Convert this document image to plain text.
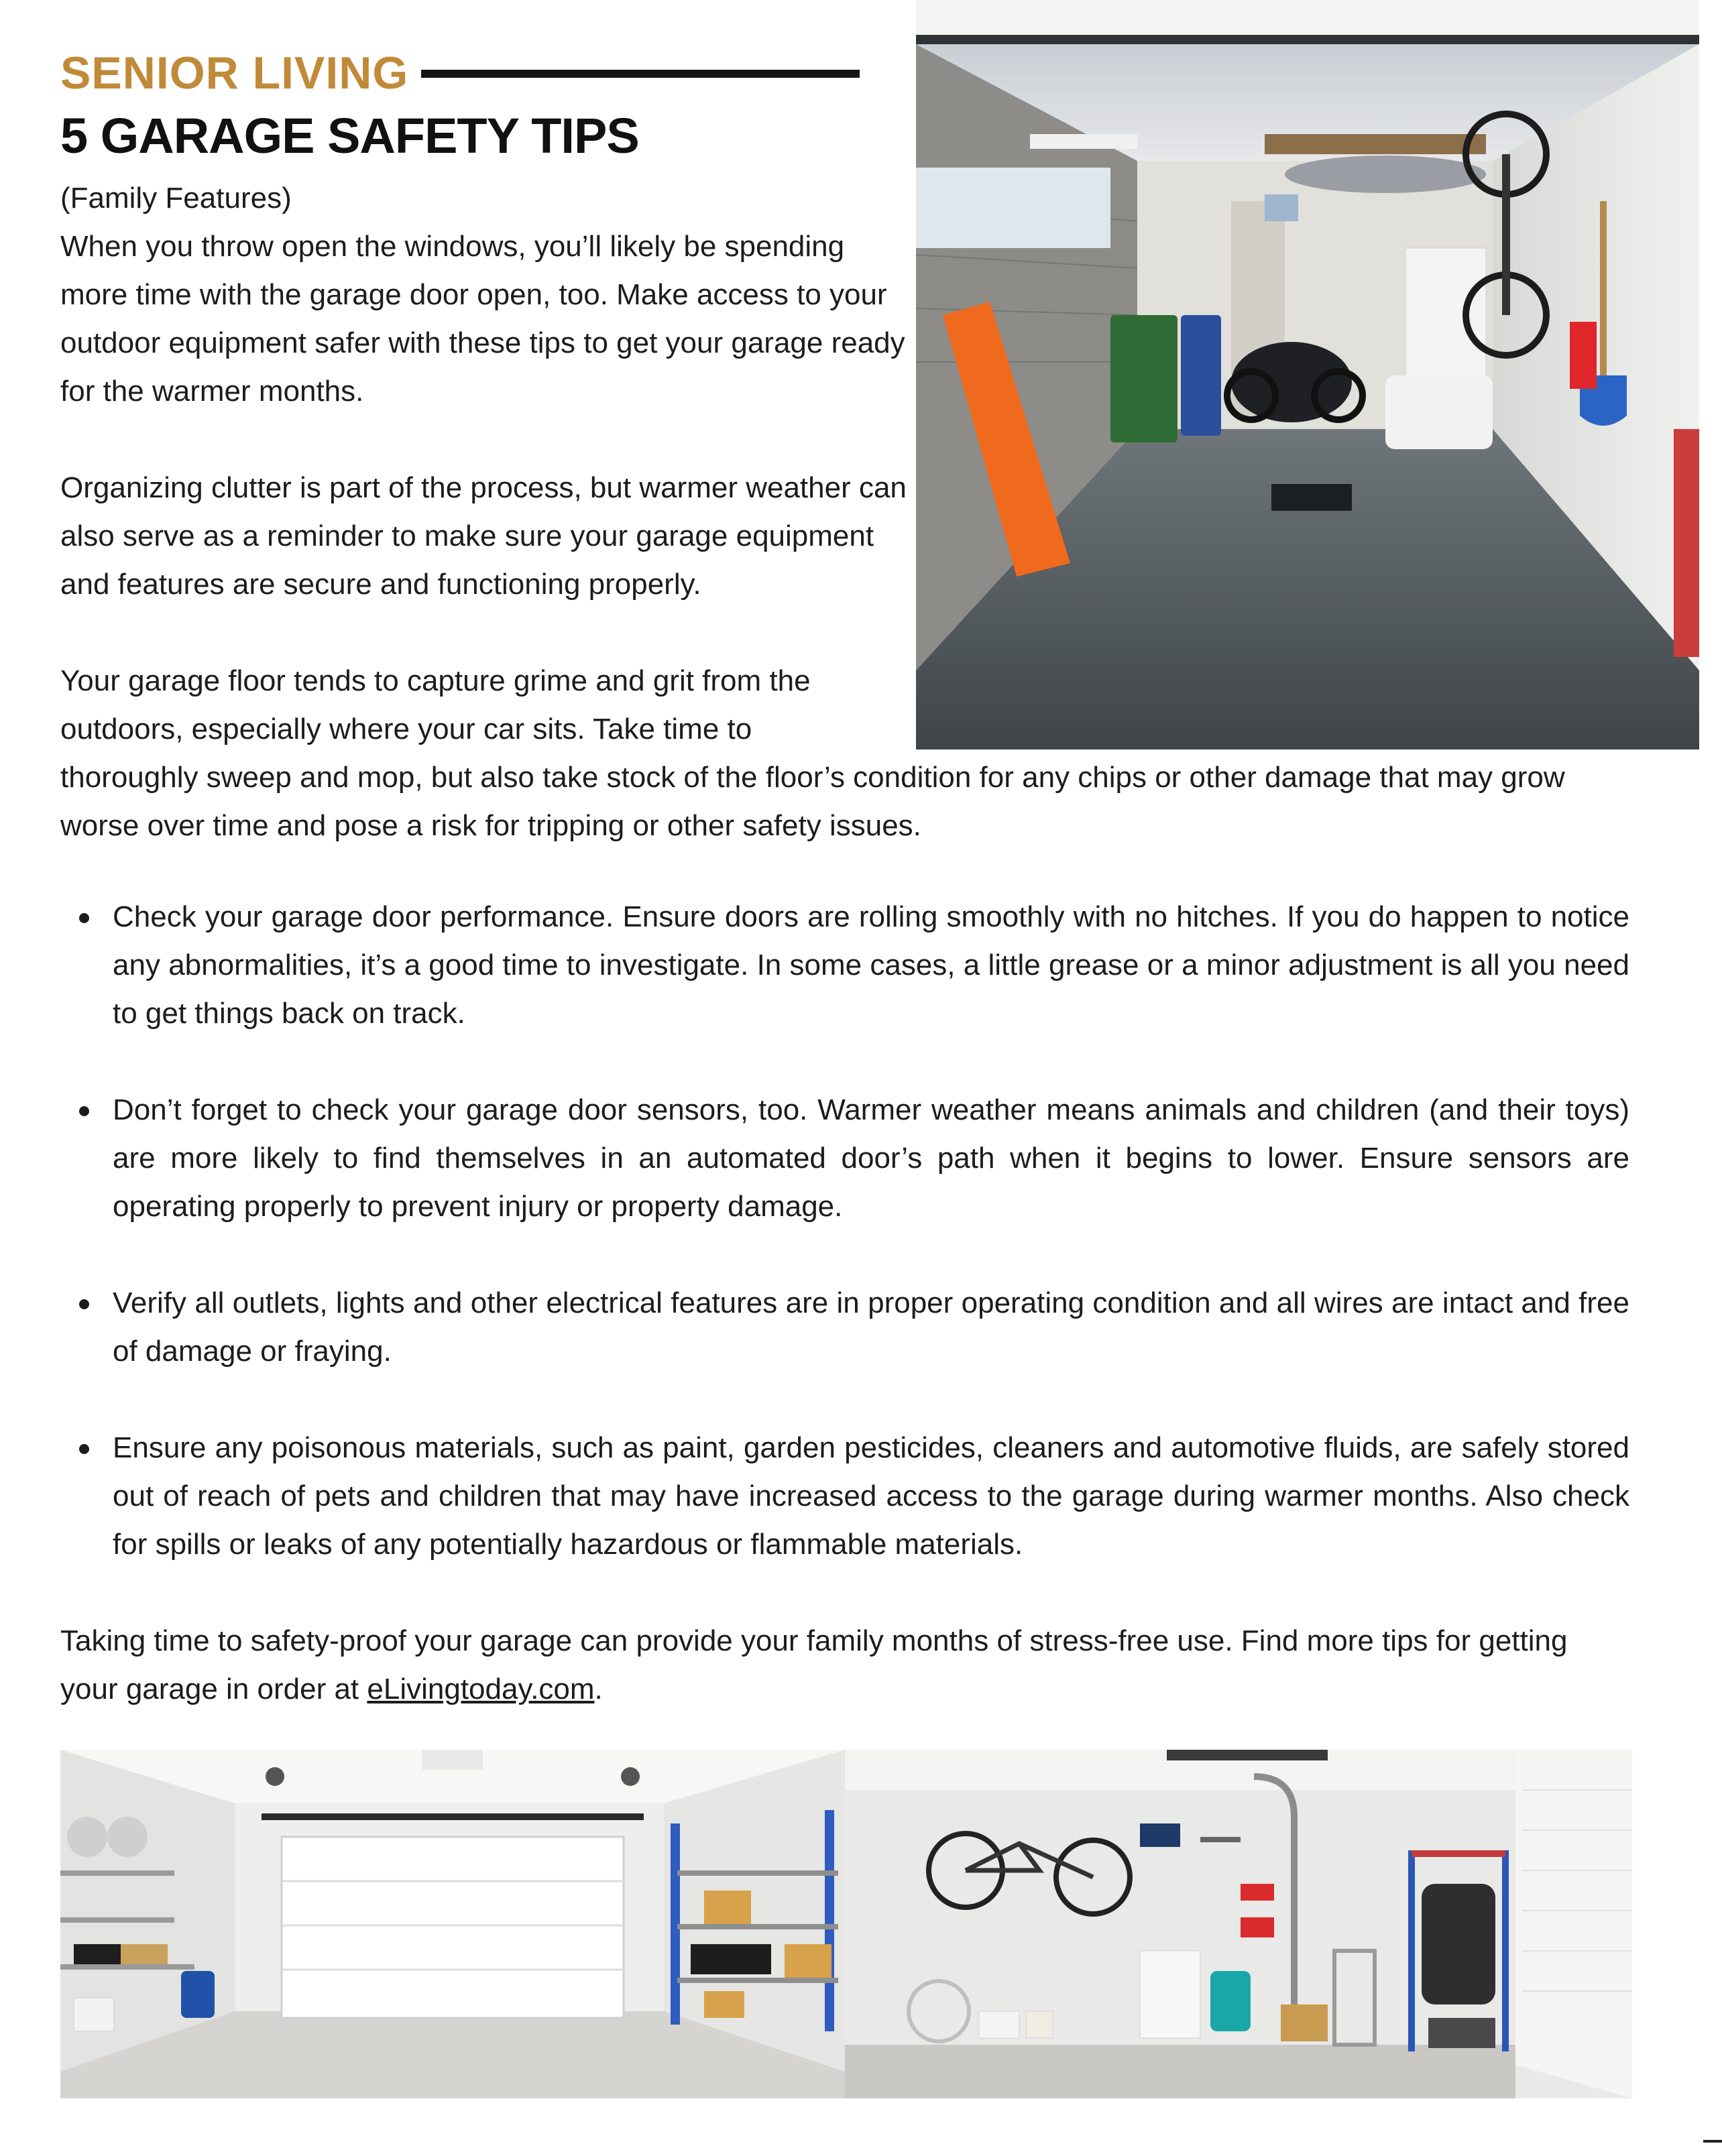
SENIOR LIVING
5 GARAGE SAFETY TIPS
(Family Features)
When you throw open the windows, you’ll likely be spending more time with the garage door open, too. Make access to your outdoor equipment safer with these tips to get your garage ready for the warmer months.
Organizing clutter is part of the process, but warmer weather can also serve as a reminder to make sure your garage equipment and features are secure and functioning properly.
Your garage floor tends to capture grime and grit from the outdoors, especially where your car sits. Take time to
thoroughly sweep and mop, but also take stock of the floor’s condition for any chips or other damage that may grow worse over time and pose a risk for tripping or other safety issues.
Check your garage door performance. Ensure doors are rolling smoothly with no hitches. If you do happen to notice any abnormalities, it’s a good time to investigate. In some cases, a little grease or a minor adjustment is all you need to get things back on track.
Don’t forget to check your garage door sensors, too. Warmer weather means animals and children (and their toys) are more likely to find themselves in an automated door’s path when it begins to lower. Ensure sensors are operating properly to prevent injury or property damage.
Verify all outlets, lights and other electrical features are in proper operating condition and all wires are intact and free of damage or fraying.
Ensure any poisonous materials, such as paint, garden pesticides, cleaners and automotive fluids, are safely stored out of reach of pets and children that may have increased access to the garage during warmer months. Also check for spills or leaks of any potentially hazardous or flammable materials.
Taking time to safety-proof your garage can provide your family months of stress-free use. Find more tips for getting your garage in order at eLivingtoday.com.
